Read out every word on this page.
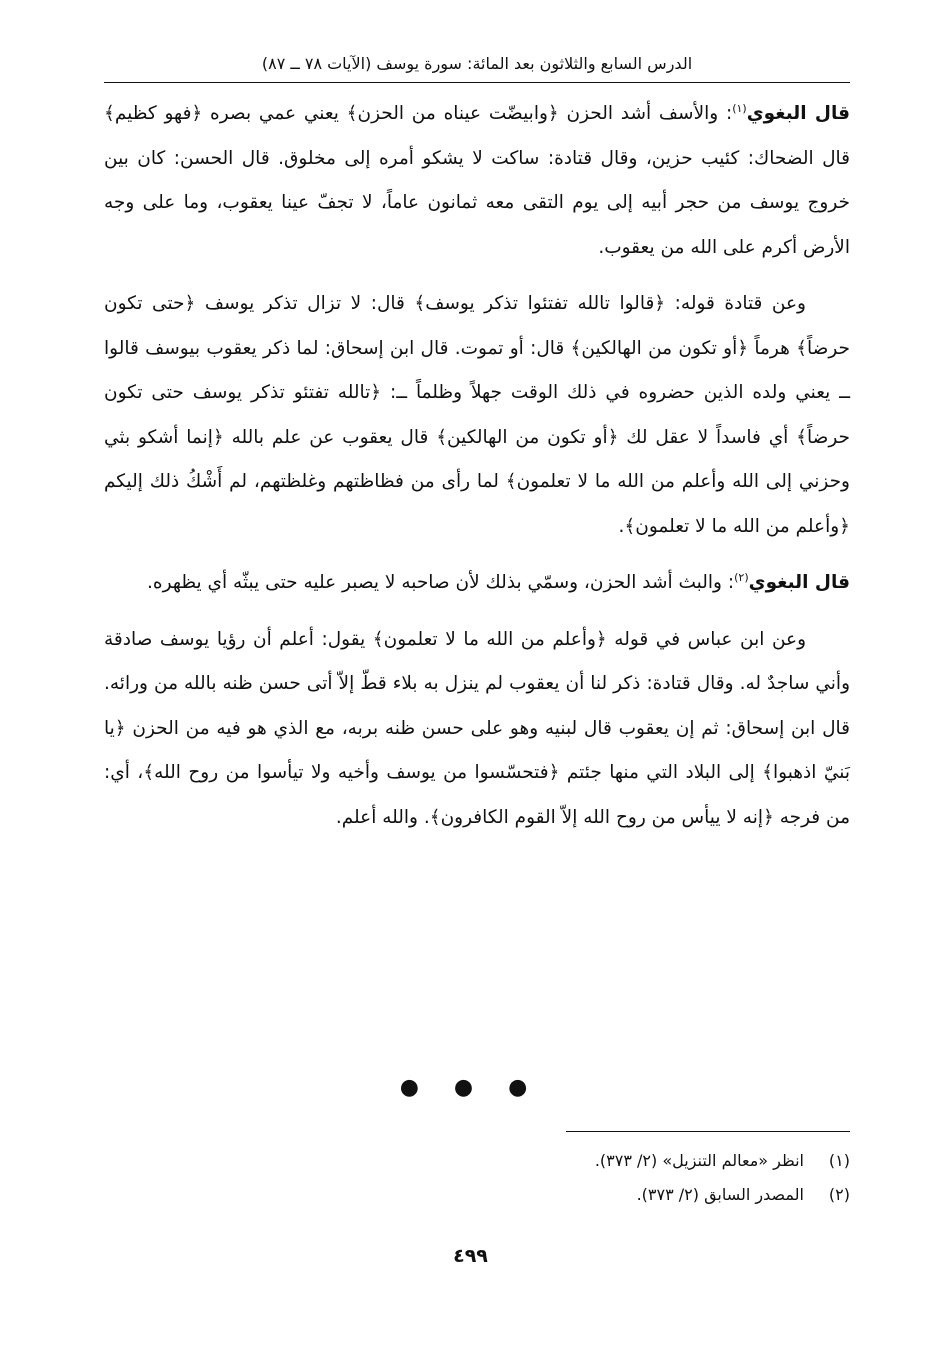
الدرس السابع والثلاثون بعد المائة: سورة يوسف (الآيات ٧٨ ــ ٨٧)

قال البغوي$^{(١)}$: والأسف أشد الحزن ﴿وابيضّت عيناه من الحزن﴾ يعني عمي بصره ﴿فهو كظيم﴾ قال الضحاك: كئيب حزين، وقال قتادة: ساكت لا يشكو أمره إلى مخلوق. قال الحسن: كان بين خروج يوسف من حجر أبيه إلى يوم التقى معه ثمانون عاماً، لا تجفّ عينا يعقوب، وما على وجه الأرض أكرم على الله من يعقوب.

وعن قتادة قوله: ﴿قالوا تالله تفتئوا تذكر يوسف﴾ قال: لا تزال تذكر يوسف ﴿حتى تكون حرضاً﴾ هرماً ﴿أو تكون من الهالكين﴾ قال: أو تموت. قال ابن إسحاق: لما ذكر يعقوب بيوسف قالوا ــ يعني ولده الذين حضروه في ذلك الوقت جهلاً وظلماً ــ: ﴿تالله تفتئو تذكر يوسف حتى تكون حرضاً﴾ أي فاسداً لا عقل لك ﴿أو تكون من الهالكين﴾ قال يعقوب عن علم بالله ﴿إنما أشكو بثي وحزني إلى الله وأعلم من الله ما لا تعلمون﴾ لما رأى من فظاظتهم وغلظتهم، لم أَشْكُ ذلك إليكم ﴿وأعلم من الله ما لا تعلمون﴾.

قال البغوي$^{(٢)}$: والبث أشد الحزن، وسمّي بذلك لأن صاحبه لا يصبر عليه حتى يبثّه أي يظهره.

وعن ابن عباس في قوله ﴿وأعلم من الله ما لا تعلمون﴾ يقول: أعلم أن رؤيا يوسف صادقة وأني ساجدٌ له. وقال قتادة: ذكر لنا أن يعقوب لم ينزل به بلاء قطّ إلاّ أتى حسن ظنه بالله من ورائه. قال ابن إسحاق: ثم إن يعقوب قال لبنيه وهو على حسن ظنه بربه، مع الذي هو فيه من الحزن ﴿يا بَنيّ اذهبوا﴾ إلى البلاد التي منها جئتم ﴿فتحسّسوا من يوسف وأخيه ولا تيأسوا من روح الله﴾، أي: من فرجه ﴿إنه لا ييأس من روح الله إلاّ القوم الكافرون﴾. والله أعلم.

● ● ●
(١)انظر «معالم التنزيل» (٢/ ٣٧٣).
(٢)المصدر السابق (٢/ ٣٧٣).
٤٩٩
